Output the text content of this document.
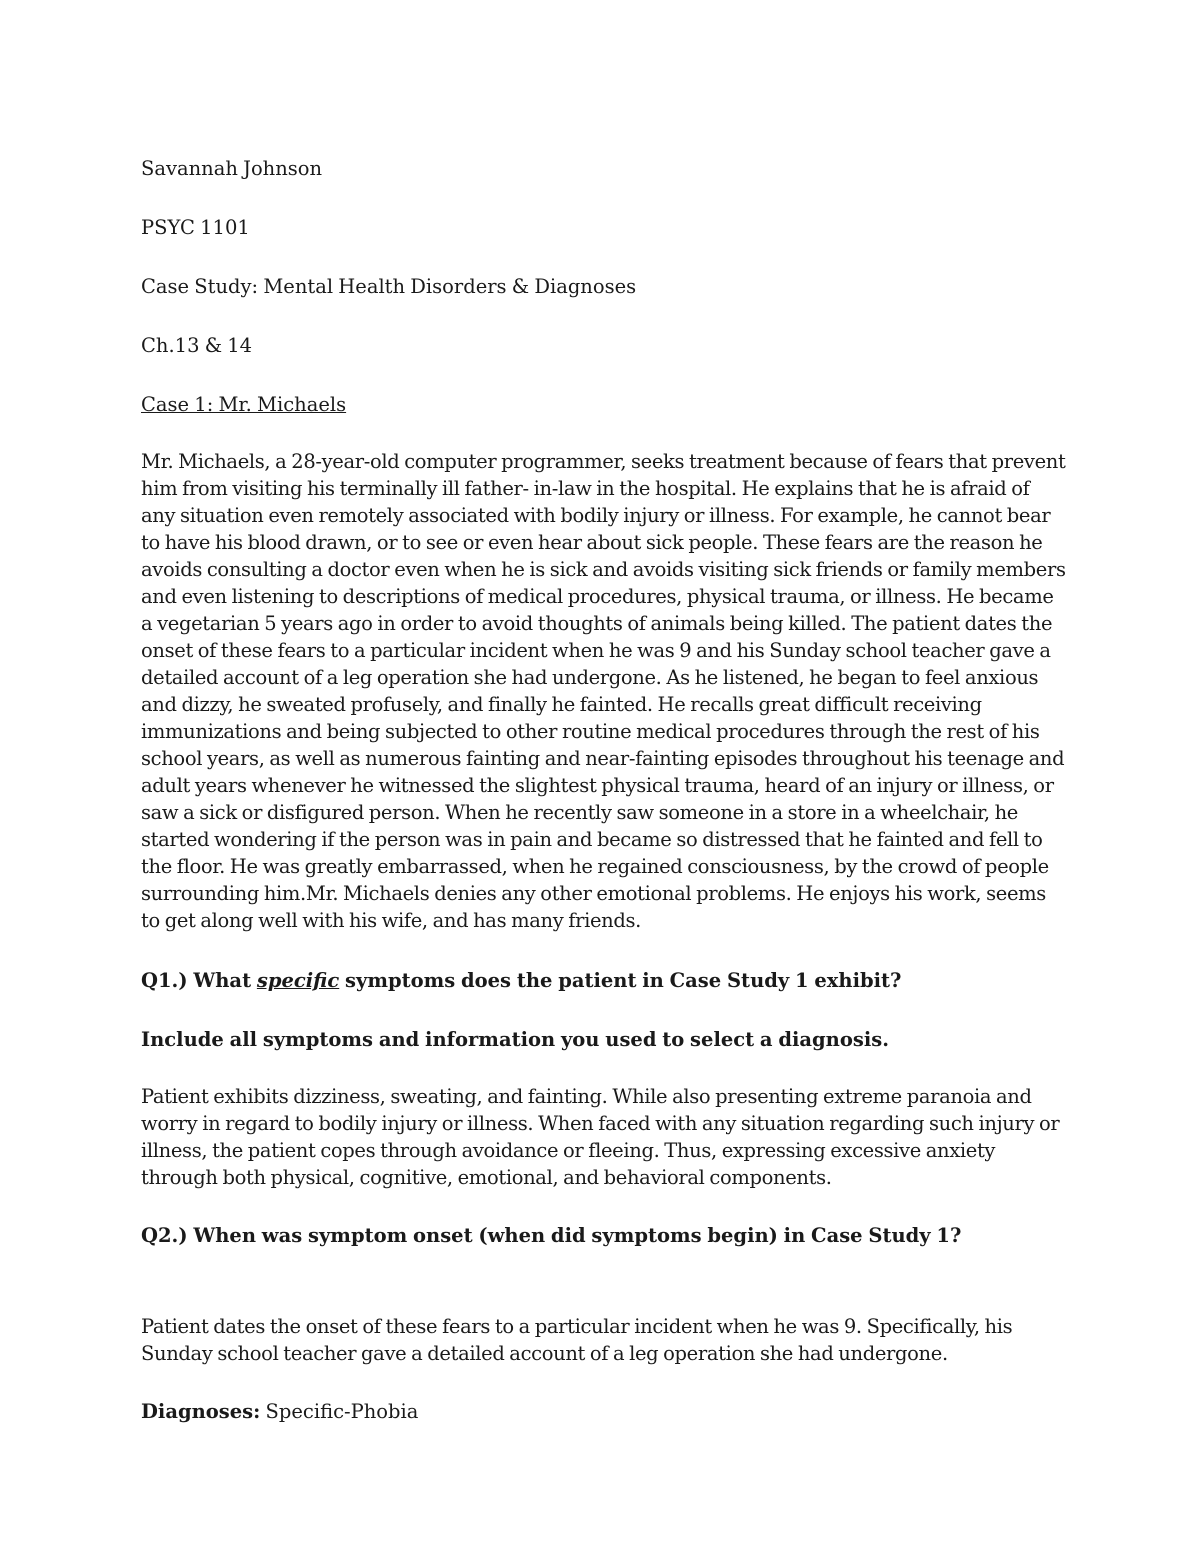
Savannah Johnson

PSYC 1101

Case Study: Mental Health Disorders & Diagnoses

Ch.13 & 14

Case 1: Mr. Michaels

Mr. Michaels, a 28-year-old computer programmer, seeks treatment because of fears that prevent him from visiting his terminally ill father- in-law in the hospital. He explains that he is afraid of any situation even remotely associated with bodily injury or illness. For example, he cannot bear to have his blood drawn, or to see or even hear about sick people. These fears are the reason he avoids consulting a doctor even when he is sick and avoids visiting sick friends or family members and even listening to descriptions of medical procedures, physical trauma, or illness. He became a vegetarian 5 years ago in order to avoid thoughts of animals being killed. The patient dates the onset of these fears to a particular incident when he was 9 and his Sunday school teacher gave a detailed account of a leg operation she had undergone. As he listened, he began to feel anxious and dizzy, he sweated profusely, and finally he fainted. He recalls great difficult receiving immunizations and being subjected to other routine medical procedures through the rest of his school years, as well as numerous fainting and near-fainting episodes throughout his teenage and adult years whenever he witnessed the slightest physical trauma, heard of an injury or illness, or saw a sick or disfigured person. When he recently saw someone in a store in a wheelchair, he started wondering if the person was in pain and became so distressed that he fainted and fell to the floor. He was greatly embarrassed, when he regained consciousness, by the crowd of people surrounding him.Mr. Michaels denies any other emotional problems. He enjoys his work, seems to get along well with his wife, and has many friends.

Q1.) What specific symptoms does the patient in Case Study 1 exhibit?

Include all symptoms and information you used to select a diagnosis.

Patient exhibits dizziness, sweating, and fainting. While also presenting extreme paranoia and worry in regard to bodily injury or illness. When faced with any situation regarding such injury or illness, the patient copes through avoidance or fleeing. Thus, expressing excessive anxiety through both physical, cognitive, emotional, and behavioral components.

Q2.) When was symptom onset (when did symptoms begin) in Case Study 1?

Patient dates the onset of these fears to a particular incident when he was 9. Specifically, his Sunday school teacher gave a detailed account of a leg operation she had undergone.

Diagnoses: Specific-Phobia
